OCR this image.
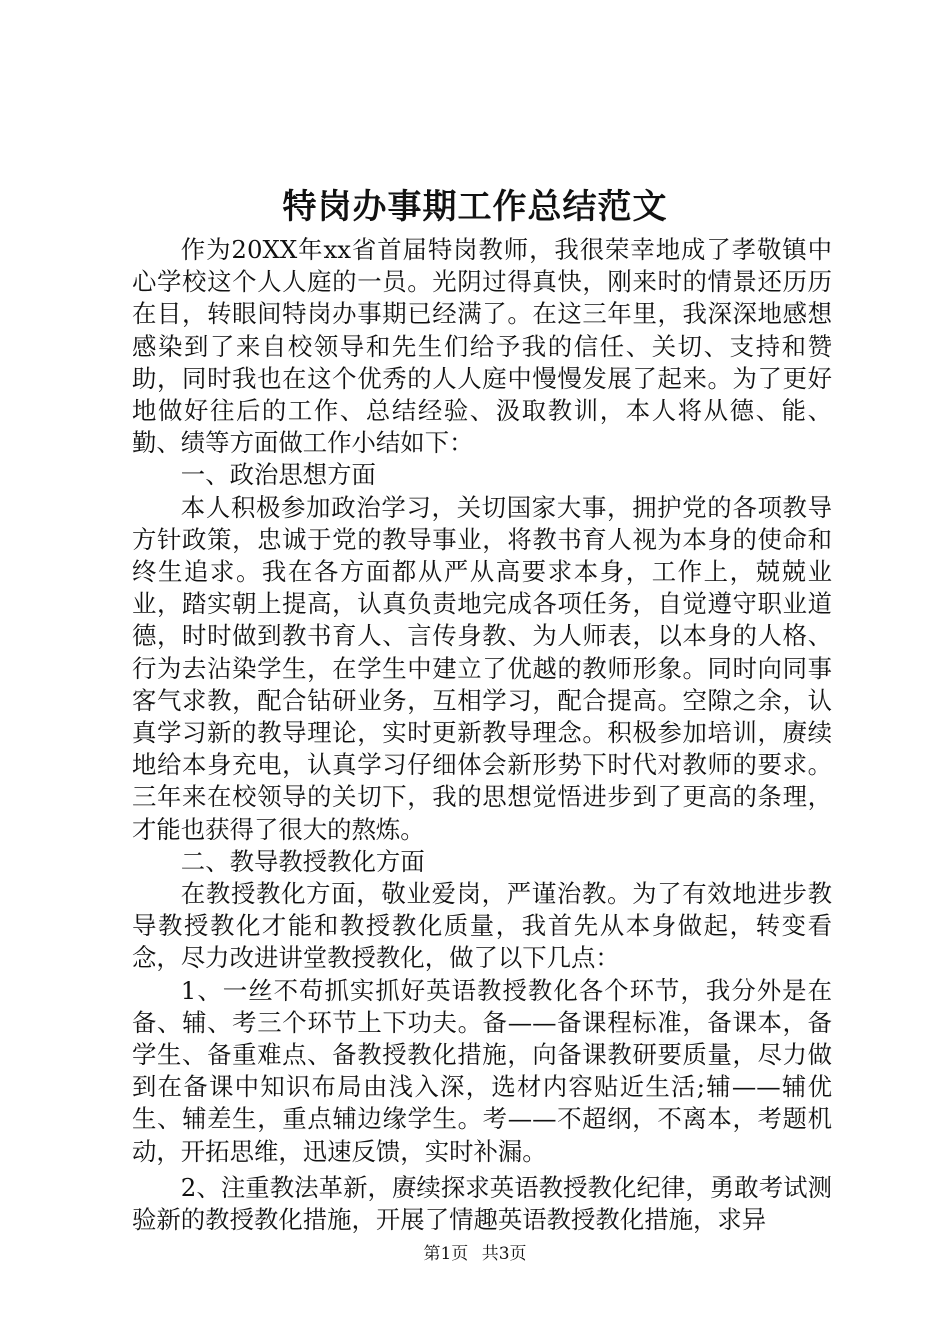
特岗办事期工作总结范文

作为20XX年xx省首届特岗教师，我很荣幸地成了孝敬镇中心学校这个人人庭的一员。光阴过得真快，刚来时的情景还历历在目，转眼间特岗办事期已经满了。在这三年里，我深深地感想感染到了来自校领导和先生们给予我的信任、关切、支持和赞助，同时我也在这个优秀的人人庭中慢慢发展了起来。为了更好地做好往后的工作、总结经验、汲取教训，本人将从德、能、勤、绩等方面做工作小结如下：

一、政治思想方面

本人积极参加政治学习，关切国家大事，拥护党的各项教导方针政策，忠诚于党的教导事业，将教书育人视为本身的使命和终生追求。我在各方面都从严从高要求本身，工作上，兢兢业业，踏实朝上提高，认真负责地完成各项任务，自觉遵守职业道德，时时做到教书育人、言传身教、为人师表，以本身的人格、行为去沾染学生，在学生中建立了优越的教师形象。同时向同事客气求教，配合钻研业务，互相学习，配合提高。空隙之余，认真学习新的教导理论，实时更新教导理念。积极参加培训，赓续地给本身充电，认真学习仔细体会新形势下时代对教师的要求。三年来在校领导的关切下，我的思想觉悟进步到了更高的条理，才能也获得了很大的熬炼。

二、教导教授教化方面

在教授教化方面，敬业爱岗，严谨治教。为了有效地进步教导教授教化才能和教授教化质量，我首先从本身做起，转变看念，尽力改进讲堂教授教化，做了以下几点：

1、一丝不苟抓实抓好英语教授教化各个环节，我分外是在备、辅、考三个环节上下功夫。备——备课程标准，备课本，备学生、备重难点、备教授教化措施，向备课教研要质量，尽力做到在备课中知识布局由浅入深，选材内容贴近生活;辅——辅优生、辅差生，重点辅边缘学生。考——不超纲，不离本，考题机动，开拓思维，迅速反馈，实时补漏。

2、注重教法革新，赓续探求英语教授教化纪律，勇敢考试测验新的教授教化措施，开展了情趣英语教授教化措施，求异

第1页 共3页
